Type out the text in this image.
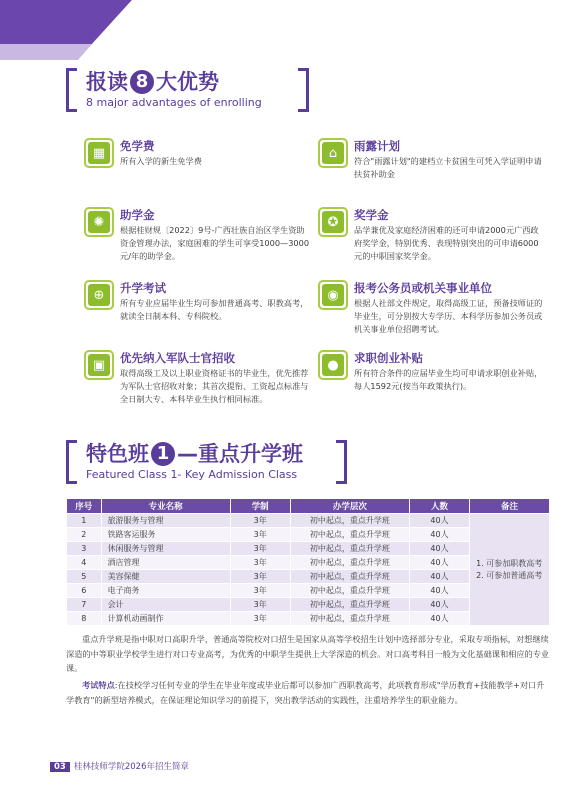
报读 8 大优势
8 major advantages of enrolling
▦ 免学费
所有入学的新生免学费
⌂ 雨露计划
符合"雨露计划"的建档立卡贫困生可凭入学证明申请扶贫补助金
✺ 助学金
根据桂财规〔2022〕9号-广西壮族自治区学生资助资金管理办法，家庭困难的学生可享受1000—3000元/年的助学金。
✪ 奖学金
品学兼优及家庭经济困难的还可申请2000元广西政府奖学金，特别优秀、表现特别突出的可申请6000元的中职国家奖学金。
⊕ 升学考试
所有专业应届毕业生均可参加普通高考、职教高考，就读全日制本科、专科院校。
◉ 报考公务员或机关事业单位
根据人社部文件规定，取得高级工证，预备技师证的毕业生，可分别按大专学历、本科学历参加公务员或机关事业单位招聘考试。
▣ 优先纳入军队士官招收
取得高级工及以上职业资格证书的毕业生，优先推荐为军队士官招收对象；其首次提衔、工资起点标准与全日制大专、本科毕业生执行相同标准。
● 求职创业补贴
所有符合条件的应届毕业生均可申请求职创业补贴，每人1592元(按当年政策执行)。
特色班 1 —重点升学班
Featured Class 1- Key Admission Class
序号	专业名称	学制	办学层次	人数	备注
1	旅游服务与管理	3年	初中起点，重点升学班	40人	1. 可参加职教高考
2. 可参加普通高考
2	铁路客运服务	3年	初中起点，重点升学班	40人	
3	休闲服务与管理	3年	初中起点，重点升学班	40人	
4	酒店管理	3年	初中起点，重点升学班	40人	
5	美容保健	3年	初中起点，重点升学班	40人	
6	电子商务	3年	初中起点，重点升学班	40人	
7	会计	3年	初中起点，重点升学班	40人	
8	计算机动画制作	3年	初中起点，重点升学班	40人	

重点升学班是指中职对口高职升学，普通高等院校对口招生是国家从高等学校招生计划中选择部分专业，采取专项指标，对想继续深造的中等职业学校学生进行对口专业高考，为优秀的中职学生提供上大学深造的机会。对口高考科目一般为文化基础课和相应的专业课。

考试特点:在技校学习任何专业的学生在毕业年度或毕业后都可以参加广西职教高考，此项教育形成"学历教育+技能教学+对口升学教育"的新型培养模式，在保证理论知识学习的前提下，突出教学活动的实践性，注重培养学生的职业能力。

03 桂林技师学院2026年招生简章
